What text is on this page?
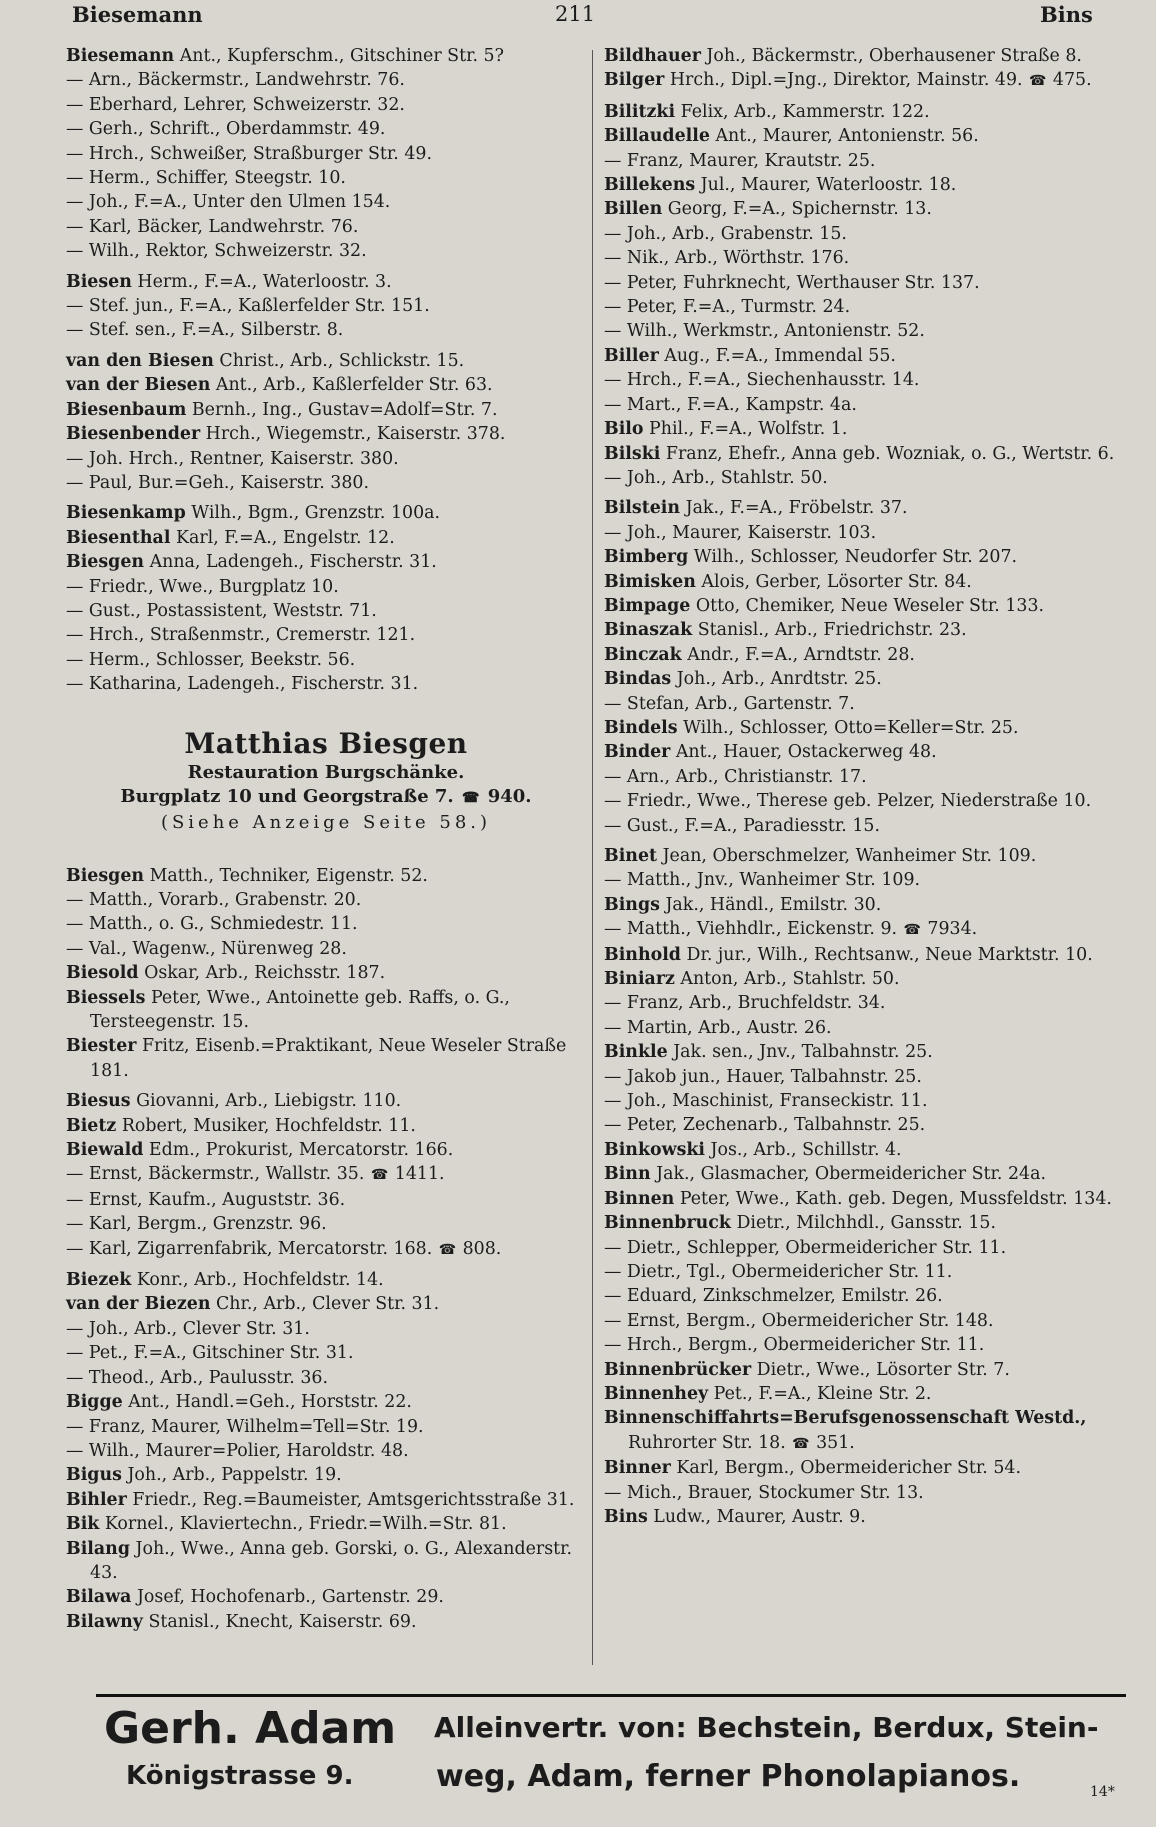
Biesemann	211	Bins

Biesemann Ant., Kupferschm., Gitschiner Str. 5?

— Arn., Bäckermstr., Landwehrstr. 76.

— Eberhard, Lehrer, Schweizerstr. 32.

— Gerh., Schrift., Oberdammstr. 49.

— Hrch., Schweißer, Straßburger Str. 49.

— Herm., Schiffer, Steegstr. 10.

— Joh., F.=A., Unter den Ulmen 154.

— Karl, Bäcker, Landwehrstr. 76.

— Wilh., Rektor, Schweizerstr. 32.

Biesen Herm., F.=A., Waterloostr. 3.

— Stef. jun., F.=A., Kaßlerfelder Str. 151.

— Stef. sen., F.=A., Silberstr. 8.

van den Biesen Christ., Arb., Schlickstr. 15.

van der Biesen Ant., Arb., Kaßlerfelder Str. 63.

Biesenbaum Bernh., Ing., Gustav=Adolf=Str. 7.

Biesenbender Hrch., Wiegemstr., Kaiserstr. 378.

— Joh. Hrch., Rentner, Kaiserstr. 380.

— Paul, Bur.=Geh., Kaiserstr. 380.

Biesenkamp Wilh., Bgm., Grenzstr. 100a.

Biesenthal Karl, F.=A., Engelstr. 12.

Biesgen Anna, Ladengeh., Fischerstr. 31.

— Friedr., Wwe., Burgplatz 10.

— Gust., Postassistent, Weststr. 71.

— Hrch., Straßenmstr., Cremerstr. 121.

— Herm., Schlosser, Beekstr. 56.

— Katharina, Ladengeh., Fischerstr. 31.

Matthias Biesgen
Restauration Burgschänke.
Burgplatz 10 und Georgstraße 7. ☎ 940.
(Siehe Anzeige Seite 58.)

Biesgen Matth., Techniker, Eigenstr. 52.

— Matth., Vorarb., Grabenstr. 20.

— Matth., o. G., Schmiedestr. 11.

— Val., Wagenw., Nürenweg 28.

Biesold Oskar, Arb., Reichsstr. 187.

Biessels Peter, Wwe., Antoinette geb. Raffs, o. G., Tersteegenstr. 15.

Biester Fritz, Eisenb.=Praktikant, Neue Weseler Straße 181.

Biesus Giovanni, Arb., Liebigstr. 110.

Bietz Robert, Musiker, Hochfeldstr. 11.

Biewald Edm., Prokurist, Mercatorstr. 166.

— Ernst, Bäckermstr., Wallstr. 35. ☎ 1411.

— Ernst, Kaufm., Auguststr. 36.

— Karl, Bergm., Grenzstr. 96.

— Karl, Zigarrenfabrik, Mercatorstr. 168. ☎ 808.

Biezek Konr., Arb., Hochfeldstr. 14.

van der Biezen Chr., Arb., Clever Str. 31.

— Joh., Arb., Clever Str. 31.

— Pet., F.=A., Gitschiner Str. 31.

— Theod., Arb., Paulusstr. 36.

Bigge Ant., Handl.=Geh., Horststr. 22.

— Franz, Maurer, Wilhelm=Tell=Str. 19.

— Wilh., Maurer=Polier, Haroldstr. 48.

Bigus Joh., Arb., Pappelstr. 19.

Bihler Friedr., Reg.=Baumeister, Amtsgerichtsstraße 31.

Bik Kornel., Klaviertechn., Friedr.=Wilh.=Str. 81.

Bilang Joh., Wwe., Anna geb. Gorski, o. G., Alexanderstr. 43.

Bilawa Josef, Hochofenarb., Gartenstr. 29.

Bilawny Stanisl., Knecht, Kaiserstr. 69.

Bildhauer Joh., Bäckermstr., Oberhausener Straße 8.

Bilger Hrch., Dipl.=Jng., Direktor, Mainstr. 49. ☎ 475.

Bilitzki Felix, Arb., Kammerstr. 122.

Billaudelle Ant., Maurer, Antonienstr. 56.

— Franz, Maurer, Krautstr. 25.

Billekens Jul., Maurer, Waterloostr. 18.

Billen Georg, F.=A., Spichernstr. 13.

— Joh., Arb., Grabenstr. 15.

— Nik., Arb., Wörthstr. 176.

— Peter, Fuhrknecht, Werthauser Str. 137.

— Peter, F.=A., Turmstr. 24.

— Wilh., Werkmstr., Antonienstr. 52.

Biller Aug., F.=A., Immendal 55.

— Hrch., F.=A., Siechenhausstr. 14.

— Mart., F.=A., Kampstr. 4a.

Bilo Phil., F.=A., Wolfstr. 1.

Bilski Franz, Ehefr., Anna geb. Wozniak, o. G., Wertstr. 6.

— Joh., Arb., Stahlstr. 50.

Bilstein Jak., F.=A., Fröbelstr. 37.

— Joh., Maurer, Kaiserstr. 103.

Bimberg Wilh., Schlosser, Neudorfer Str. 207.

Bimisken Alois, Gerber, Lösorter Str. 84.

Bimpage Otto, Chemiker, Neue Weseler Str. 133.

Binaszak Stanisl., Arb., Friedrichstr. 23.

Binczak Andr., F.=A., Arndtstr. 28.

Bindas Joh., Arb., Anrdtstr. 25.

— Stefan, Arb., Gartenstr. 7.

Bindels Wilh., Schlosser, Otto=Keller=Str. 25.

Binder Ant., Hauer, Ostackerweg 48.

— Arn., Arb., Christianstr. 17.

— Friedr., Wwe., Therese geb. Pelzer, Niederstraße 10.

— Gust., F.=A., Paradiesstr. 15.

Binet Jean, Oberschmelzer, Wanheimer Str. 109.

— Matth., Jnv., Wanheimer Str. 109.

Bings Jak., Händl., Emilstr. 30.

— Matth., Viehhdlr., Eickenstr. 9. ☎ 7934.

Binhold Dr. jur., Wilh., Rechtsanw., Neue Marktstr. 10.

Biniarz Anton, Arb., Stahlstr. 50.

— Franz, Arb., Bruchfeldstr. 34.

— Martin, Arb., Austr. 26.

Binkle Jak. sen., Jnv., Talbahnstr. 25.

— Jakob jun., Hauer, Talbahnstr. 25.

— Joh., Maschinist, Franseckistr. 11.

— Peter, Zechenarb., Talbahnstr. 25.

Binkowski Jos., Arb., Schillstr. 4.

Binn Jak., Glasmacher, Obermeidericher Str. 24a.

Binnen Peter, Wwe., Kath. geb. Degen, Mussfeldstr. 134.

Binnenbruck Dietr., Milchhdl., Gansstr. 15.

— Dietr., Schlepper, Obermeidericher Str. 11.

— Dietr., Tgl., Obermeidericher Str. 11.

— Eduard, Zinkschmelzer, Emilstr. 26.

— Ernst, Bergm., Obermeidericher Str. 148.

— Hrch., Bergm., Obermeidericher Str. 11.

Binnenbrücker Dietr., Wwe., Lösorter Str. 7.

Binnenhey Pet., F.=A., Kleine Str. 2.

Binnenschiffahrts=Berufsgenossenschaft Westd., Ruhrorter Str. 18. ☎ 351.

Binner Karl, Bergm., Obermeidericher Str. 54.

— Mich., Brauer, Stockumer Str. 13.

Bins Ludw., Maurer, Austr. 9.

Gerh. Adam
Königstrasse 9.
Alleinvertr. von: Bechstein, Berdux, Stein-
weg, Adam, ferner Phonolapianos.	14*
